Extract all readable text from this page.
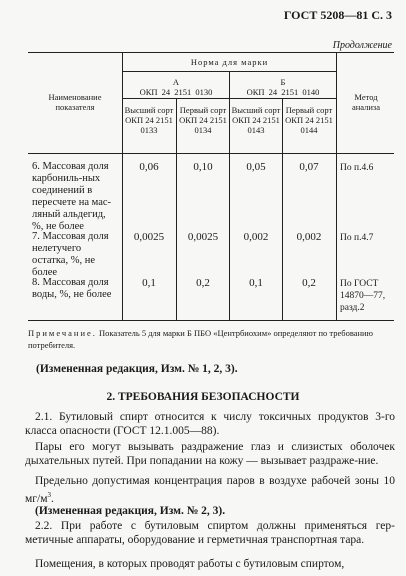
ГОСТ 5208—81 С. 3
Продолжение
Наименование показателя
Норма для марки
А
ОКП 24 2151 0130
Б
ОКП 24 2151 0140	Метод анализа
Высший сорт ОКП 24 2151 0133
Первый сорт ОКП 24 2151 0134
Высший сорт ОКП 24 2151 0143
Первый сорт ОКП 24 2151 0144
6. Массовая доля карбониль-ных соединений в пересчете на мас-ляный альдегид, %, не более
0,06	0,10	0,05	0,07	По п.4.6
7. Массовая доля нелетучего остатка, %, не более
0,0025	0,0025	0,002	0,002	По п.4.7
8. Массовая доля воды, %, не более
0,1	0,2	0,1	0,2	По ГОСТ 14870—77, разд.2
Примечание. Показатель 5 для марки Б ПБО «Центрбиохим» определяют по требованию потребителя.
(Измененная редакция, Изм. № 1, 2, 3).
2. ТРЕБОВАНИЯ БЕЗОПАСНОСТИ
2.1. Бутиловый спирт относится к числу токсичных продуктов 3-го класса опасности (ГОСТ 12.1.005—88).
Пары его могут вызывать раздражение глаз и слизистых оболочек дыхательных путей. При попадании на кожу — вызывает раздраже-ние.
Предельно допустимая концентрация паров в воздухе рабочей зоны 10 $мг/м^3$.
(Измененная редакция, Изм. № 2, 3).
2.2. При работе с бутиловым спиртом должны применяться гер-метичные аппараты, оборудование и герметичная транспортная тара.
Помещения, в которых проводят работы с бутиловым спиртом,
